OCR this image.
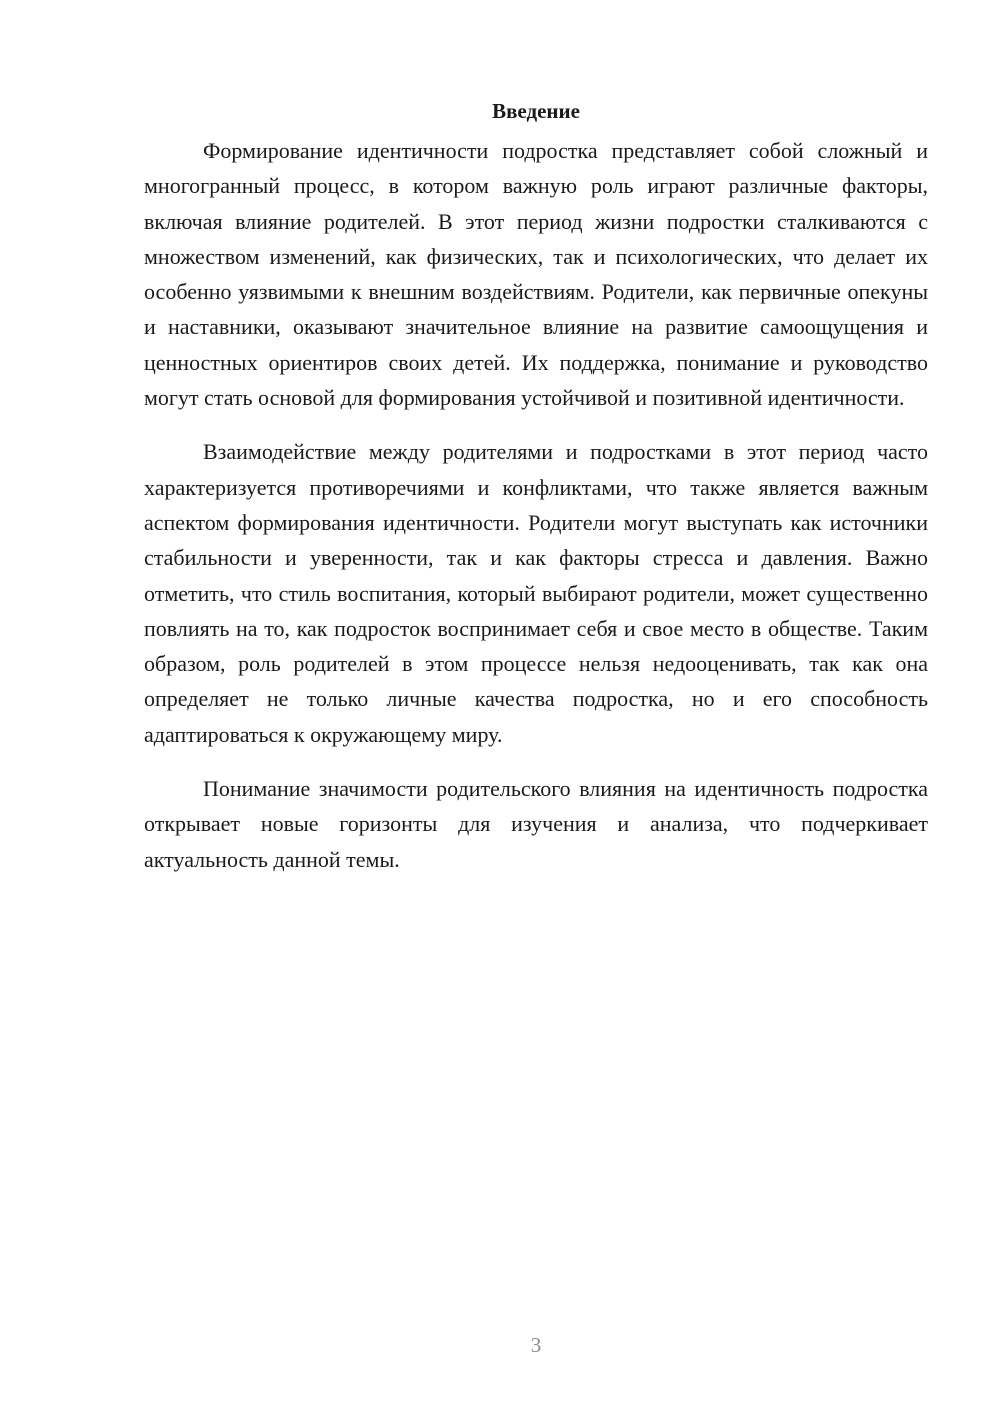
Введение

Формирование идентичности подростка представляет собой сложный и многогранный процесс, в котором важную роль играют различные факторы, включая влияние родителей. В этот период жизни подростки сталкиваются с множеством изменений, как физических, так и психологических, что делает их особенно уязвимыми к внешним воздействиям. Родители, как первичные опекуны и наставники, оказывают значительное влияние на развитие самоощущения и ценностных ориентиров своих детей. Их поддержка, понимание и руководство могут стать основой для формирования устойчивой и позитивной идентичности.

Взаимодействие между родителями и подростками в этот период часто характеризуется противоречиями и конфликтами, что также является важным аспектом формирования идентичности. Родители могут выступать как источники стабильности и уверенности, так и как факторы стресса и давления. Важно отметить, что стиль воспитания, который выбирают родители, может существенно повлиять на то, как подросток воспринимает себя и свое место в обществе. Таким образом, роль родителей в этом процессе нельзя недооценивать, так как она определяет не только личные качества подростка, но и его способность адаптироваться к окружающему миру.

Понимание значимости родительского влияния на идентичность подростка открывает новые горизонты для изучения и анализа, что подчеркивает актуальность данной темы.

3
